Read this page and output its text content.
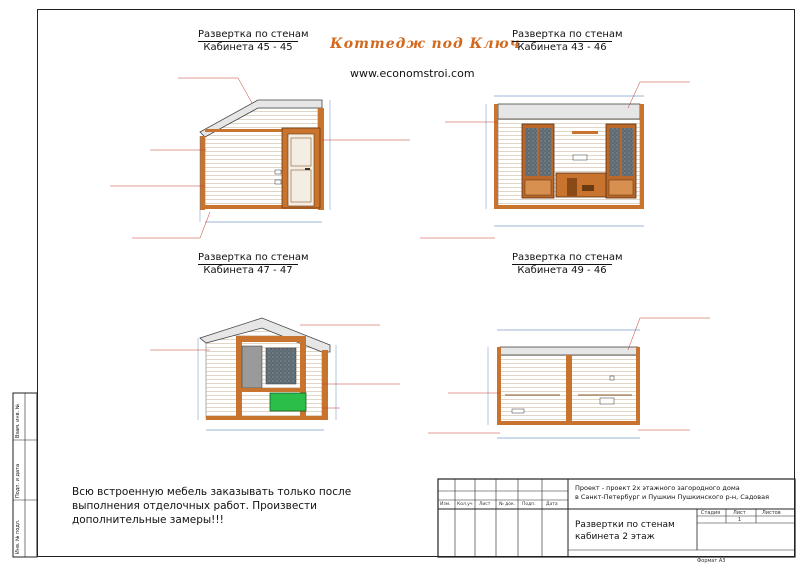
Коттедж под Ключ
www.economstroi.com
Развертка по стенам
Кабинета 45 - 45
Развертка по стенам
Кабинета 43 - 46
Развертка по стенам
Кабинета 47 - 47
Развертка по стенам
Кабинета 49 - 46
Всю встроенную мебель заказывать только после выполнения отделочных работ. Произвести дополнительные замеры!!!
Проект - проект 2х этажного загородного дома
в Санкт-Петербург и Пушкин Пушкинского р-н, Садовая
Развертки по стенам
кабинета 2 этаж
Стадия	Лист	Листов
1
Изм. Кол.уч Лист № док. Подп. Дата
Формат А3
Взам. инв. №
Подп. и дата
Инв. № подл.
